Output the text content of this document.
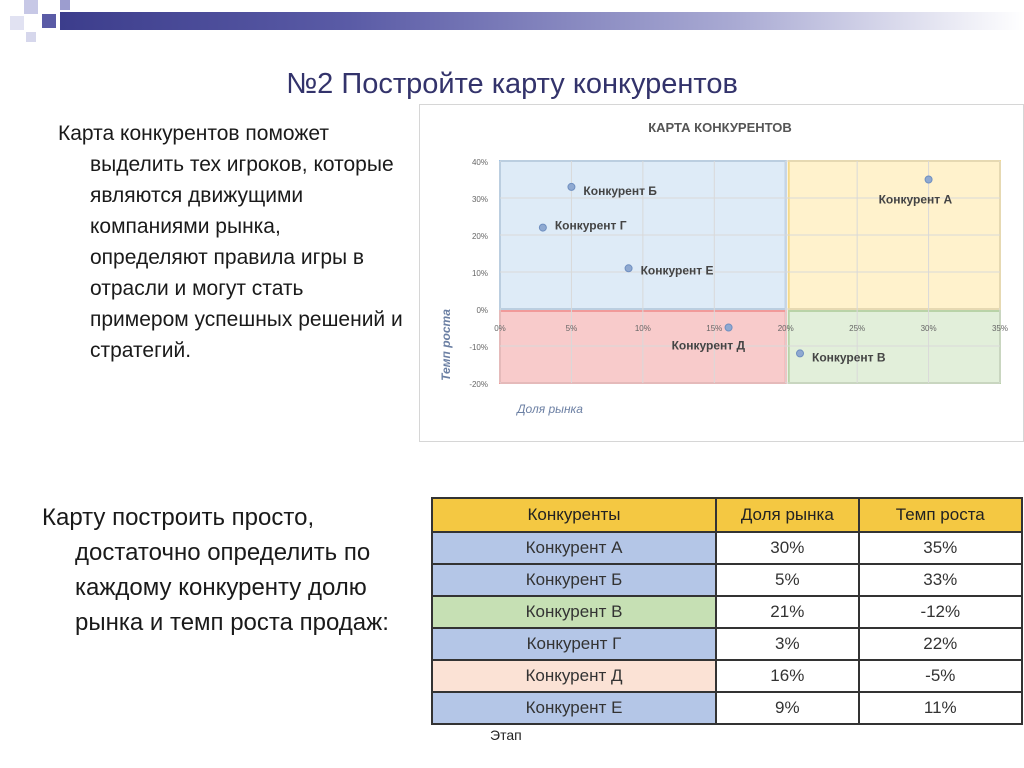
№2 Постройте карту конкурентов
Карта конкурентов поможет
выделить тех игроков, которые являются движущими компаниями рынка, определяют правила игры в отрасли и могут стать примером успешных решений и стратегий.
КАРТА КОНКУРЕНТОВ
40%
30%
20%
10%
0%
-10%
-20%
0%	5%	10%	15%	20%	25%	30%	35%
Доля рынка
Темп роста
Конкурент А
Конкурент Б
Конкурент В
Конкурент Г
Конкурент Д
Конкурент Е
Карту построить просто,
достаточно определить по каждому конкуренту долю рынка и темп роста продаж:
Конкуренты	Доля рынка	Темп роста
Конкурент А	30%	35%
Конкурент Б	5%	33%
Конкурент В	21%	-12%
Конкурент Г	3%	22%
Конкурент Д	16%	-5%
Конкурент Е	9%	11%
Этап
